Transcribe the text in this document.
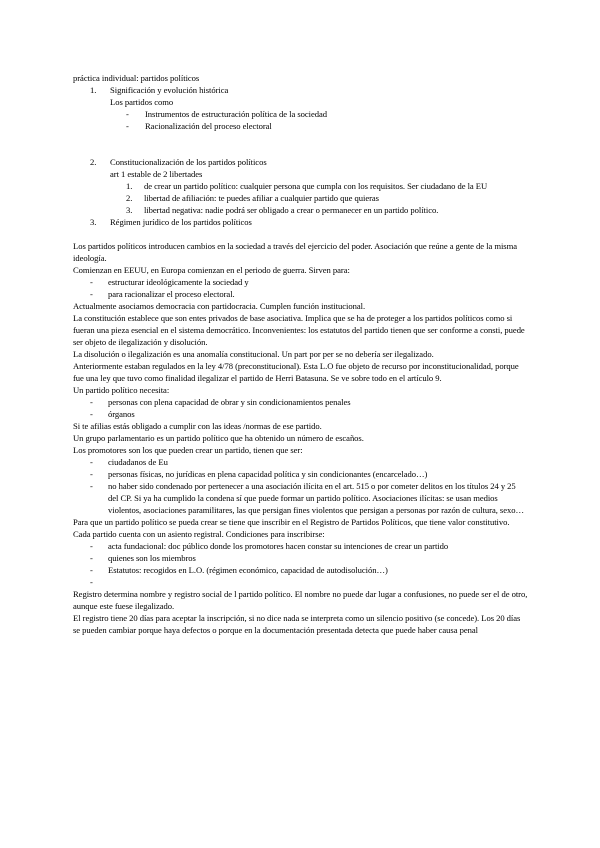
práctica individual: partidos políticos

1.	Significación y evolución histórica
Los partidos como
-	Instrumentos de estructuración política de la sociedad
-	Racionalización del proceso electoral
2.	Constitucionalización de los partidos políticos
art 1 estable de 2 libertades
1.	de crear un partido político: cualquier persona que cumpla con los requisitos. Ser ciudadano de la EU
2.	libertad de afiliación: te puedes afiliar a cualquier partido que quieras
3.	libertad negativa: nadie podrá ser obligado a crear o permanecer en un partido político.
3.	Régimen jurídico de los partidos políticos

Los partidos políticos introducen cambios en la sociedad a través del ejercicio del poder. Asociación que reúne a gente de la misma ideología.

Comienzan en EEUU, en Europa comienzan en el periodo de guerra. Sirven para:

-	estructurar ideológicamente la sociedad y
-	para racionalizar el proceso electoral.

Actualmente asociamos democracia con partidocracia. Cumplen función institucional.

La constitución establece que son entes privados de base asociativa. Implica que se ha de proteger a los partidos políticos como si fueran una pieza esencial en el sistema democrático. Inconvenientes: los estatutos del partido tienen que ser conforme a consti, puede ser objeto de ilegalización y disolución.

La disolución o ilegalización es una anomalía constitucional. Un part por per se no debería ser ilegalizado.

Anteriormente estaban regulados en la ley 4/78 (preconstitucional). Esta L.O fue objeto de recurso por inconstitucionalidad, porque fue una ley que tuvo como finalidad ilegalizar el partido de Herri Batasuna. Se ve sobre todo en el artículo 9.

Un partido político necesita:

-	personas con plena capacidad de obrar y sin condicionamientos penales
-	órganos

Si te afilias estás obligado a cumplir con las ideas /normas de ese partido.

Un grupo parlamentario es un partido político que ha obtenido un número de escaños.

Los promotores son los que pueden crear un partido, tienen que ser:

-	ciudadanos de Eu
-	personas físicas, no jurídicas en plena capacidad política y sin condicionantes (encarcelado…)
-	no haber sido condenado por pertenecer a una asociación ilícita en el art. 515 o por cometer delitos en los títulos 24 y 25 del CP. Si ya ha cumplido la condena sí que puede formar un partido político. Asociaciones ilícitas: se usan medios violentos, asociaciones paramilitares, las que persigan fines violentos que persigan a personas por razón de cultura, sexo…

Para que un partido político se pueda crear se tiene que inscribir en el Registro de Partidos Políticos, que tiene valor constitutivo. Cada partido cuenta con un asiento registral. Condiciones para inscribirse:

-	acta fundacional: doc público donde los promotores hacen constar su intenciones de crear un partido
-	quienes son los miembros
-	Estatutos: recogidos en L.O. (régimen económico, capacidad de autodisolución…)
-

Registro determina nombre y registro social de l partido político. El nombre no puede dar lugar a confusiones, no puede ser el de otro, aunque este fuese ilegalizado.

El registro tiene 20 días para aceptar la inscripción, si no dice nada se interpreta como un silencio positivo (se concede). Los 20 días se pueden cambiar porque haya defectos o porque en la documentación presentada detecta que puede haber causa penal
